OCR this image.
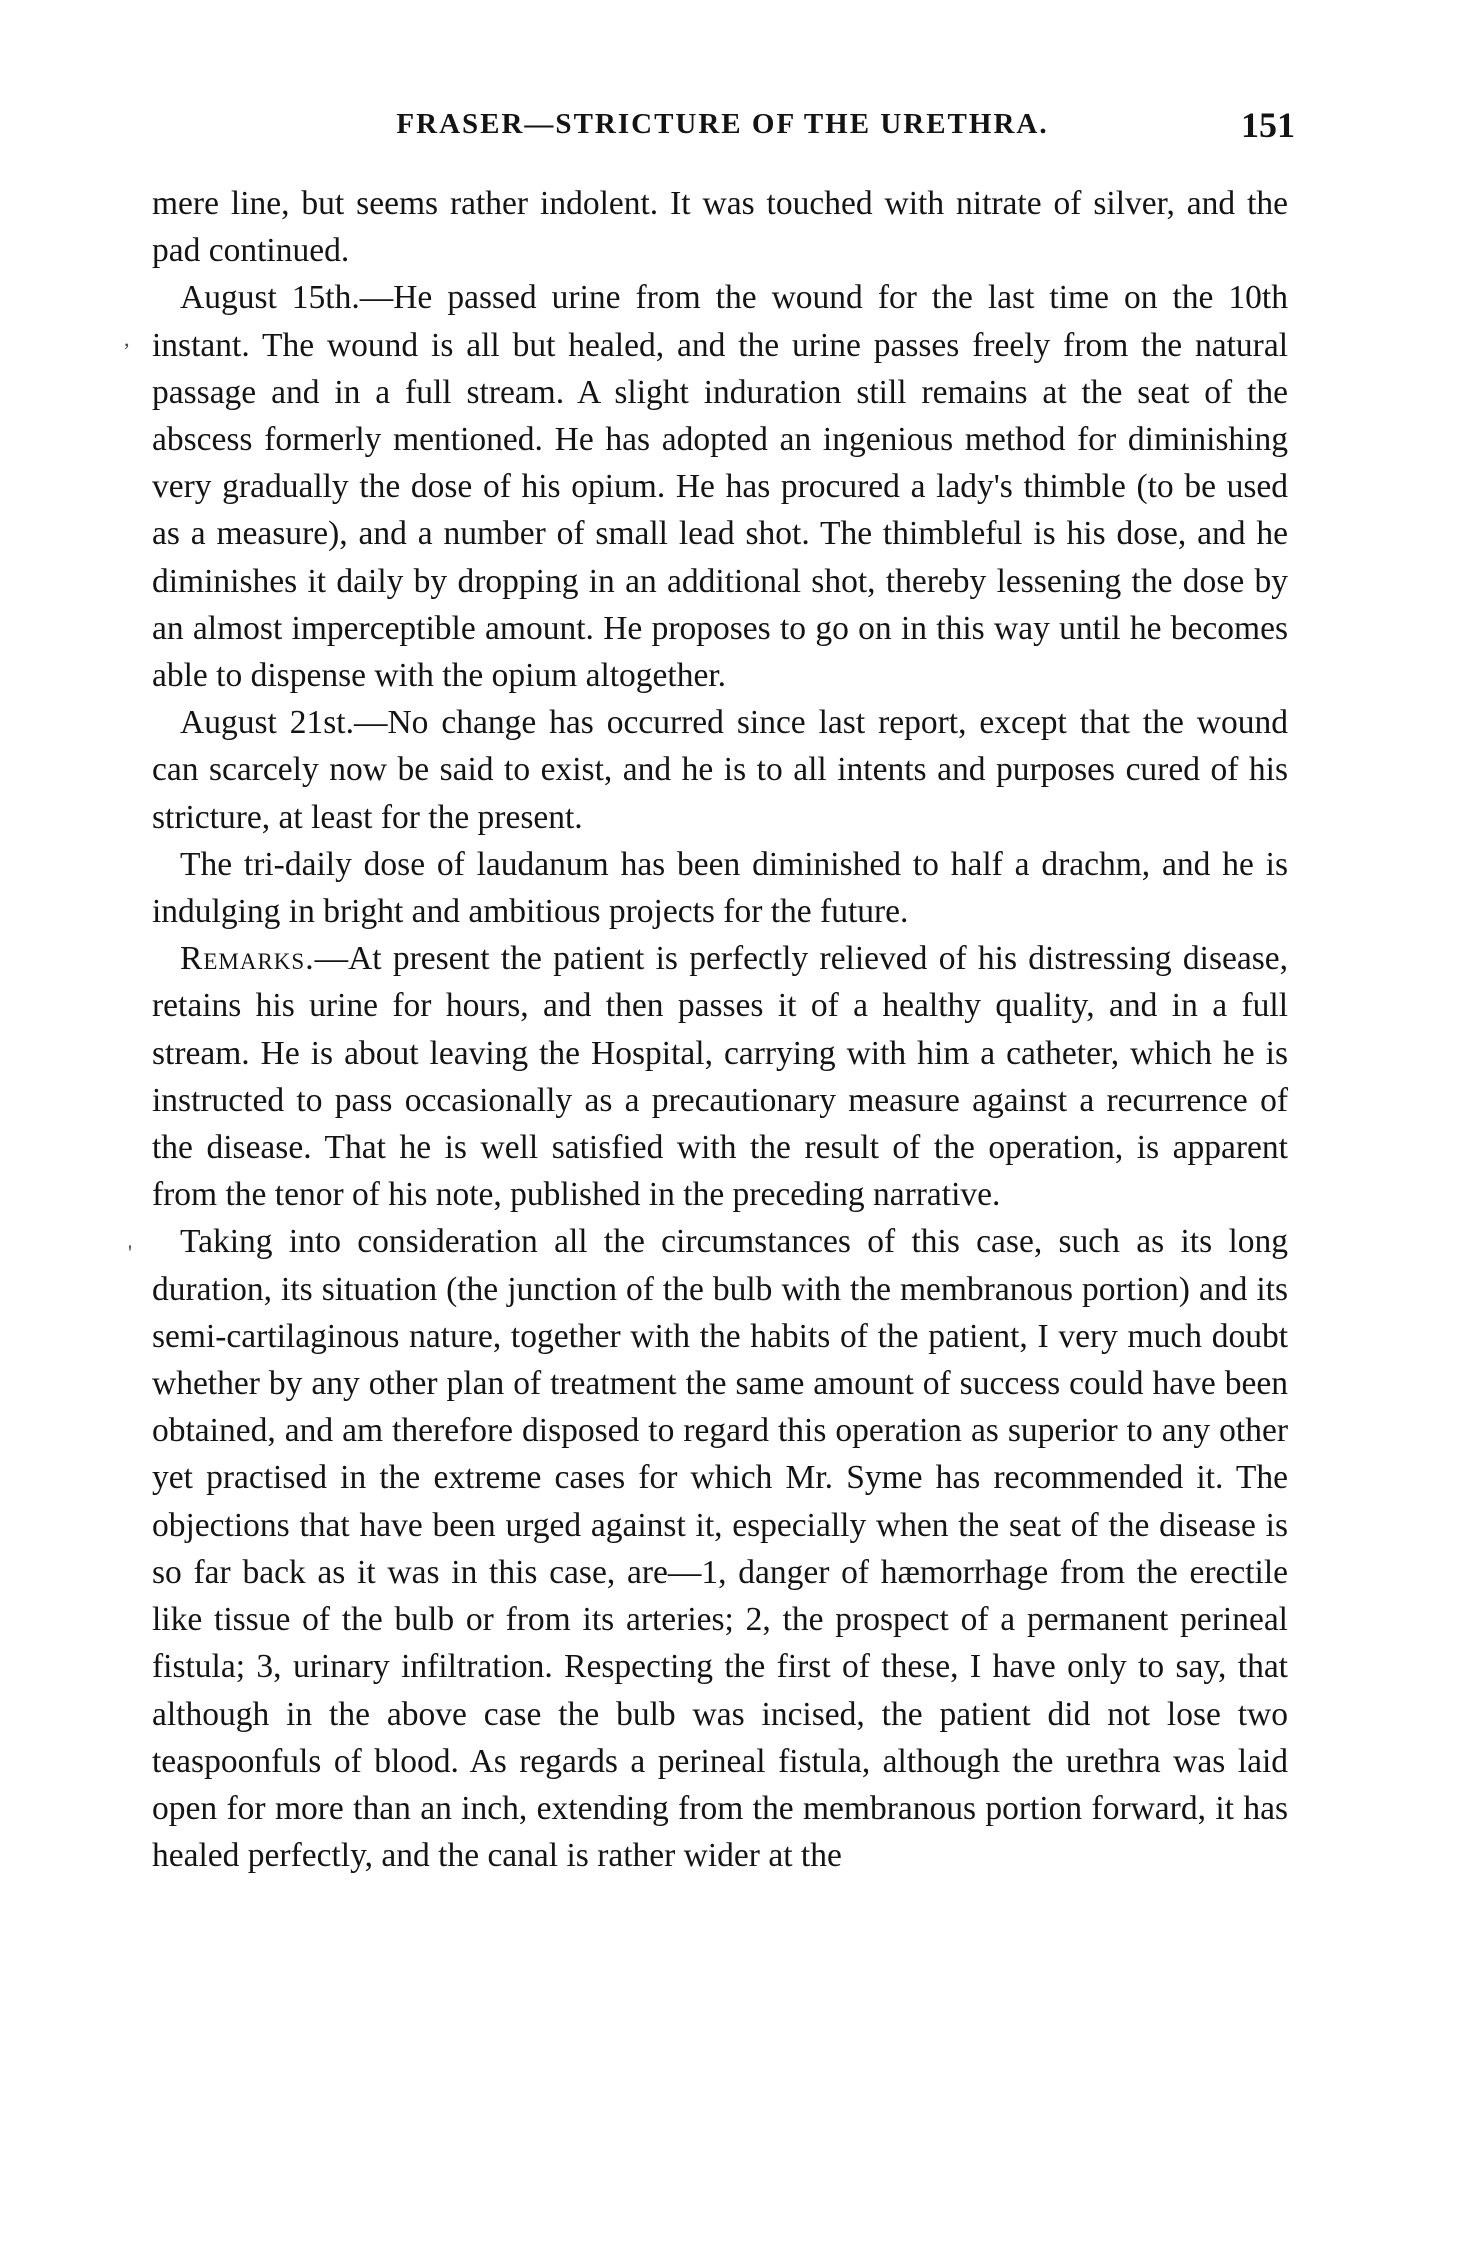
FRASER—STRICTURE OF THE URETHRA.	151
,
'

mere line, but seems rather indolent. It was touched with nitrate of silver, and the pad continued.

August 15th.—He passed urine from the wound for the last time on the 10th instant. The wound is all but healed, and the urine passes freely from the natural passage and in a full stream. A slight induration still remains at the seat of the abscess formerly mentioned. He has adopted an ingenious method for diminishing very gradually the dose of his opium. He has procured a lady's thimble (to be used as a measure), and a number of small lead shot. The thimbleful is his dose, and he diminishes it daily by dropping in an additional shot, thereby lessening the dose by an almost imperceptible amount. He proposes to go on in this way until he becomes able to dispense with the opium altogether.

August 21st.—No change has occurred since last report, except that the wound can scarcely now be said to exist, and he is to all intents and purposes cured of his stricture, at least for the present.

The tri-daily dose of laudanum has been diminished to half a drachm, and he is indulging in bright and ambitious projects for the future.

Remarks.—At present the patient is perfectly relieved of his distressing disease, retains his urine for hours, and then passes it of a healthy quality, and in a full stream. He is about leaving the Hospital, carrying with him a catheter, which he is instructed to pass occasionally as a precautionary measure against a recurrence of the disease. That he is well satisfied with the result of the operation, is apparent from the tenor of his note, published in the preceding narrative.

Taking into consideration all the circumstances of this case, such as its long duration, its situation (the junction of the bulb with the membranous portion) and its semi-cartilaginous nature, together with the habits of the patient, I very much doubt whether by any other plan of treatment the same amount of success could have been obtained, and am therefore disposed to regard this operation as superior to any other yet practised in the extreme cases for which Mr. Syme has recommended it. The objections that have been urged against it, especially when the seat of the disease is so far back as it was in this case, are—1, danger of hæmorrhage from the erectile like tissue of the bulb or from its arteries; 2, the prospect of a permanent perineal fistula; 3, urinary infiltration. Respecting the first of these, I have only to say, that although in the above case the bulb was incised, the patient did not lose two teaspoonfuls of blood. As regards a perineal fistula, although the urethra was laid open for more than an inch, extending from the membranous portion forward, it has healed perfectly, and the canal is rather wider at the
